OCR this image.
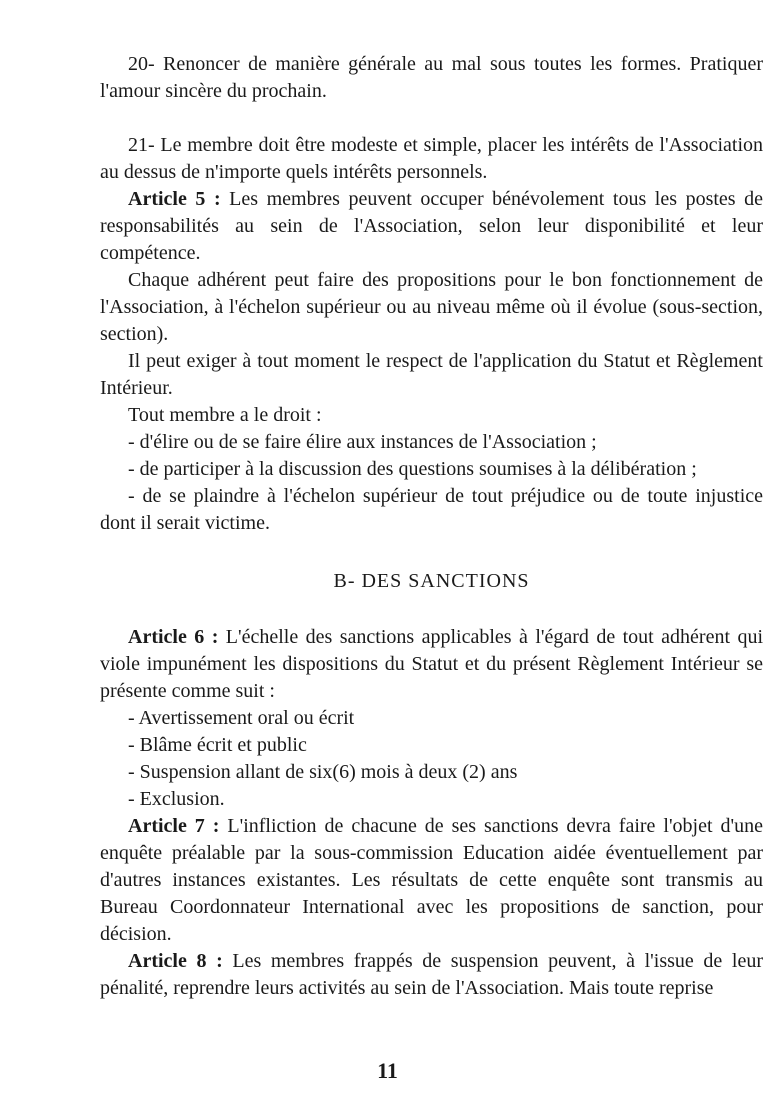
20- Renoncer de manière générale au mal sous toutes les formes. Pratiquer l'amour sincère du prochain.

21- Le membre doit être modeste et simple, placer les intérêts de l'Association au dessus de n'importe quels intérêts personnels.

Article 5 : Les membres peuvent occuper bénévolement tous les postes de responsabilités au sein de l'Association, selon leur disponibilité et leur compétence.

Chaque adhérent peut faire des propositions pour le bon fonctionnement de l'Association, à l'échelon supérieur ou au niveau même où il évolue (sous-section, section).

Il peut exiger à tout moment le respect de l'application du Statut et Règlement Intérieur.

Tout membre a le droit :

- d'élire ou de se faire élire aux instances de l'Association ;

- de participer à la discussion des questions soumises à la délibération ;

- de se plaindre à l'échelon supérieur de tout préjudice ou de toute injustice dont il serait victime.

B- DES SANCTIONS

Article 6 : L'échelle des sanctions applicables à l'égard de tout adhérent qui viole impunément les dispositions du Statut et du présent Règlement Intérieur se présente comme suit :

- Avertissement oral ou écrit

- Blâme écrit et public

- Suspension allant de six(6) mois à deux (2) ans

- Exclusion.

Article 7 : L'infliction de chacune de ses sanctions devra faire l'objet d'une enquête préalable par la sous-commission Education aidée éventuellement par d'autres instances existantes. Les résultats de cette enquête sont transmis au Bureau Coordonnateur International avec les propositions de sanction, pour décision.

Article 8 : Les membres frappés de suspension peuvent, à l'issue de leur pénalité, reprendre leurs activités au sein de l'Association. Mais toute reprise

11
